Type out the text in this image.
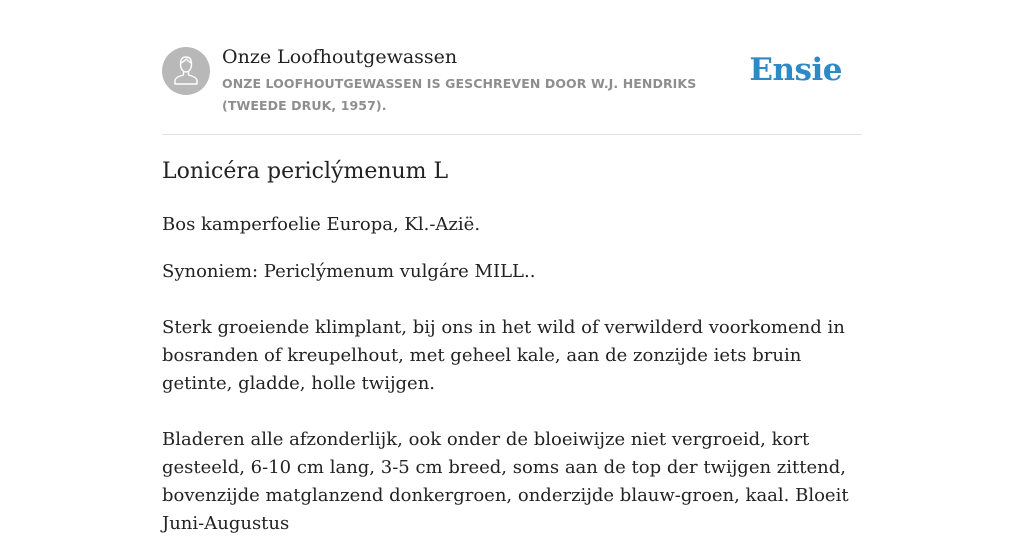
Onze Loofhoutgewassen
ONZE LOOFHOUTGEWASSEN IS GESCHREVEN DOOR W.J. HENDRIKS (TWEEDE DRUK, 1957).
Ensie
Lonicéra periclýmenum L

Bos kamperfoelie Europa, Kl.-Azië.

Synoniem: Periclýmenum vulgáre MILL..

Sterk groeiende klimplant, bij ons in het wild of verwilderd voorkomend in bosranden of kreupelhout, met geheel kale, aan de zonzijde iets bruin getinte, gladde, holle twijgen.

Bladeren alle afzonderlijk, ook onder de bloeiwijze niet vergroeid, kort gesteeld, 6-10 cm lang, 3-5 cm breed, soms aan de top der twijgen zittend, bovenzijde matglanzend donkergroen, onderzijde blauw-groen, kaal. Bloeit Juni-Augustus
